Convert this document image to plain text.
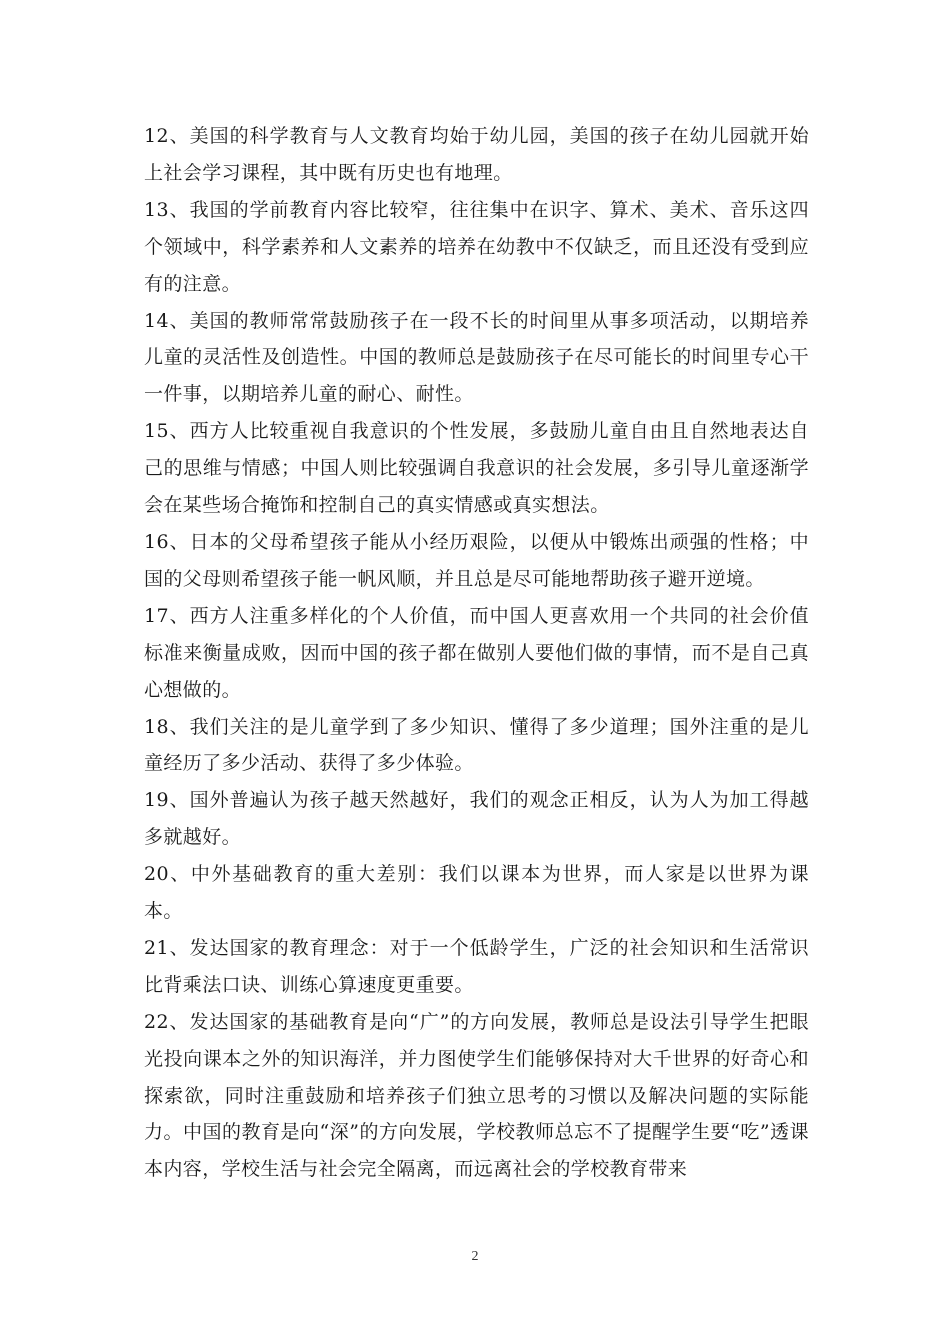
12、美国的科学教育与人文教育均始于幼儿园，美国的孩子在幼儿园就开始上社会学习课程，其中既有历史也有地理。

13、我国的学前教育内容比较窄，往往集中在识字、算术、美术、音乐这四个领域中，科学素养和人文素养的培养在幼教中不仅缺乏，而且还没有受到应有的注意。

14、美国的教师常常鼓励孩子在一段不长的时间里从事多项活动，以期培养儿童的灵活性及创造性。中国的教师总是鼓励孩子在尽可能长的时间里专心干一件事，以期培养儿童的耐心、耐性。

15、西方人比较重视自我意识的个性发展，多鼓励儿童自由且自然地表达自己的思维与情感；中国人则比较强调自我意识的社会发展，多引导儿童逐渐学会在某些场合掩饰和控制自己的真实情感或真实想法。

16、日本的父母希望孩子能从小经历艰险，以便从中锻炼出顽强的性格；中国的父母则希望孩子能一帆风顺，并且总是尽可能地帮助孩子避开逆境。

17、西方人注重多样化的个人价值，而中国人更喜欢用一个共同的社会价值标准来衡量成败，因而中国的孩子都在做别人要他们做的事情，而不是自己真心想做的。

18、我们关注的是儿童学到了多少知识、懂得了多少道理；国外注重的是儿童经历了多少活动、获得了多少体验。

19、国外普遍认为孩子越天然越好，我们的观念正相反，认为人为加工得越多就越好。

20、中外基础教育的重大差别：我们以课本为世界，而人家是以世界为课本。

21、发达国家的教育理念：对于一个低龄学生，广泛的社会知识和生活常识比背乘法口诀、训练心算速度更重要。

22、发达国家的基础教育是向“广”的方向发展，教师总是设法引导学生把眼光投向课本之外的知识海洋，并力图使学生们能够保持对大千世界的好奇心和探索欲，同时注重鼓励和培养孩子们独立思考的习惯以及解决问题的实际能力。中国的教育是向“深”的方向发展，学校教师总忘不了提醒学生要“吃”透课本内容，学校生活与社会完全隔离，而远离社会的学校教育带来

2
